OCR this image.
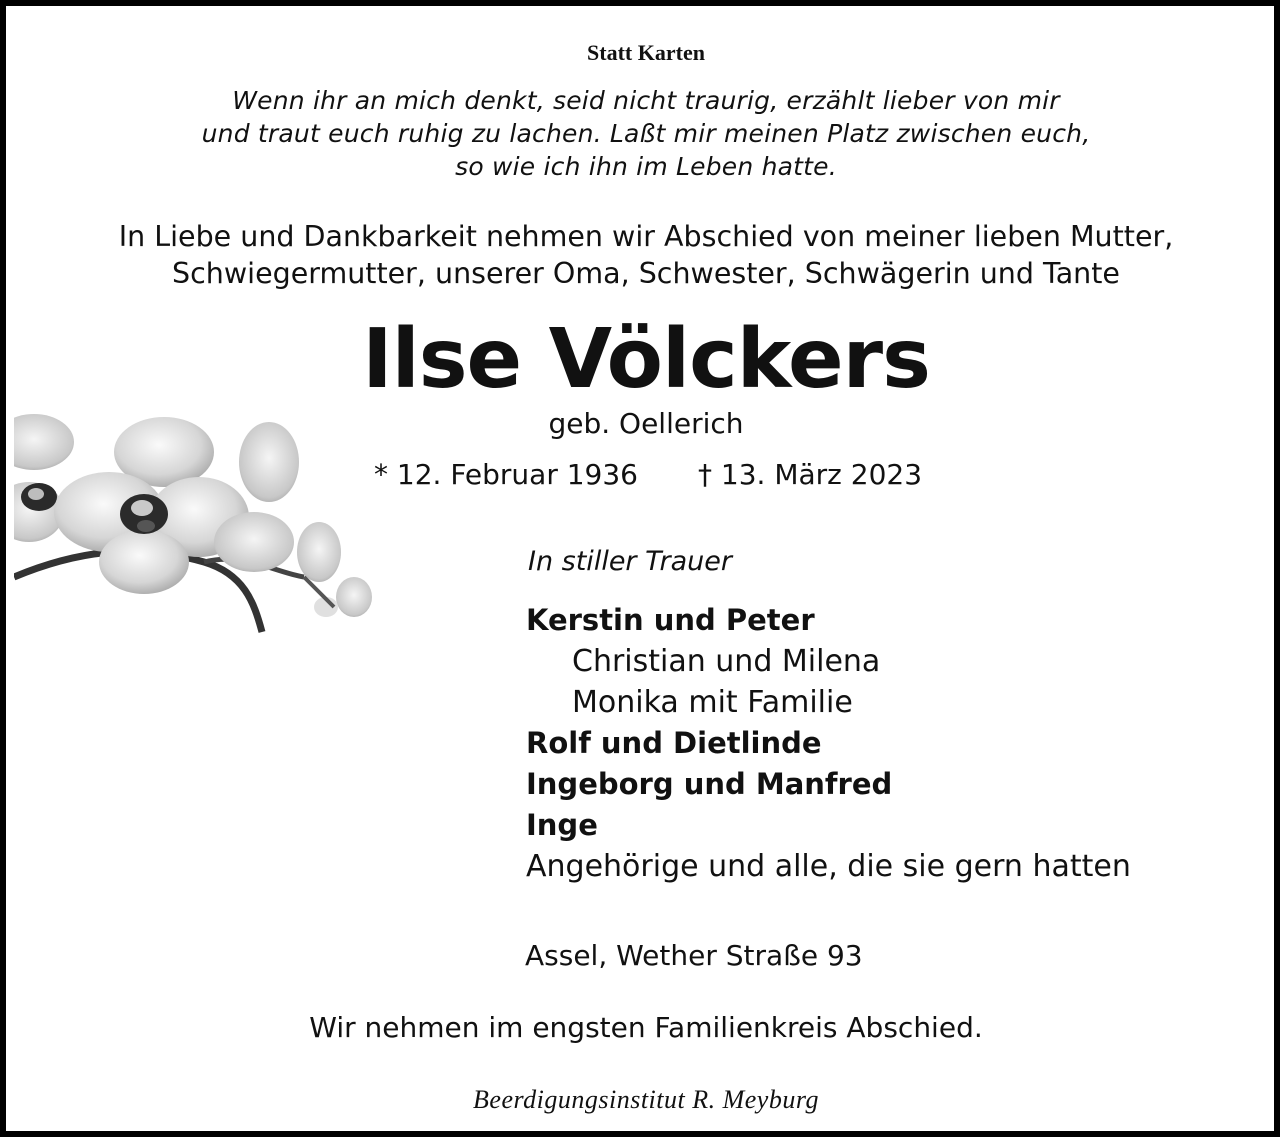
Statt Karten
Wenn ihr an mich denkt, seid nicht traurig, erzählt lieber von mir
und traut euch ruhig zu lachen. Laßt mir meinen Platz zwischen euch,
so wie ich ihn im Leben hatte.
In Liebe und Dankbarkeit nehmen wir Abschied von meiner lieben Mutter,
Schwiegermutter, unserer Oma, Schwester, Schwägerin und Tante
Ilse Völckers
geb. Oellerich
* 12. Februar 1936 † 13. März 2023
In stiller Trauer
Kerstin und Peter
Christian und Milena
Monika mit Familie
Rolf und Dietlinde
Ingeborg und Manfred
Inge
Angehörige und alle, die sie gern hatten
Assel, Wether Straße 93
Wir nehmen im engsten Familienkreis Abschied.
Beerdigungsinstitut R. Meyburg
